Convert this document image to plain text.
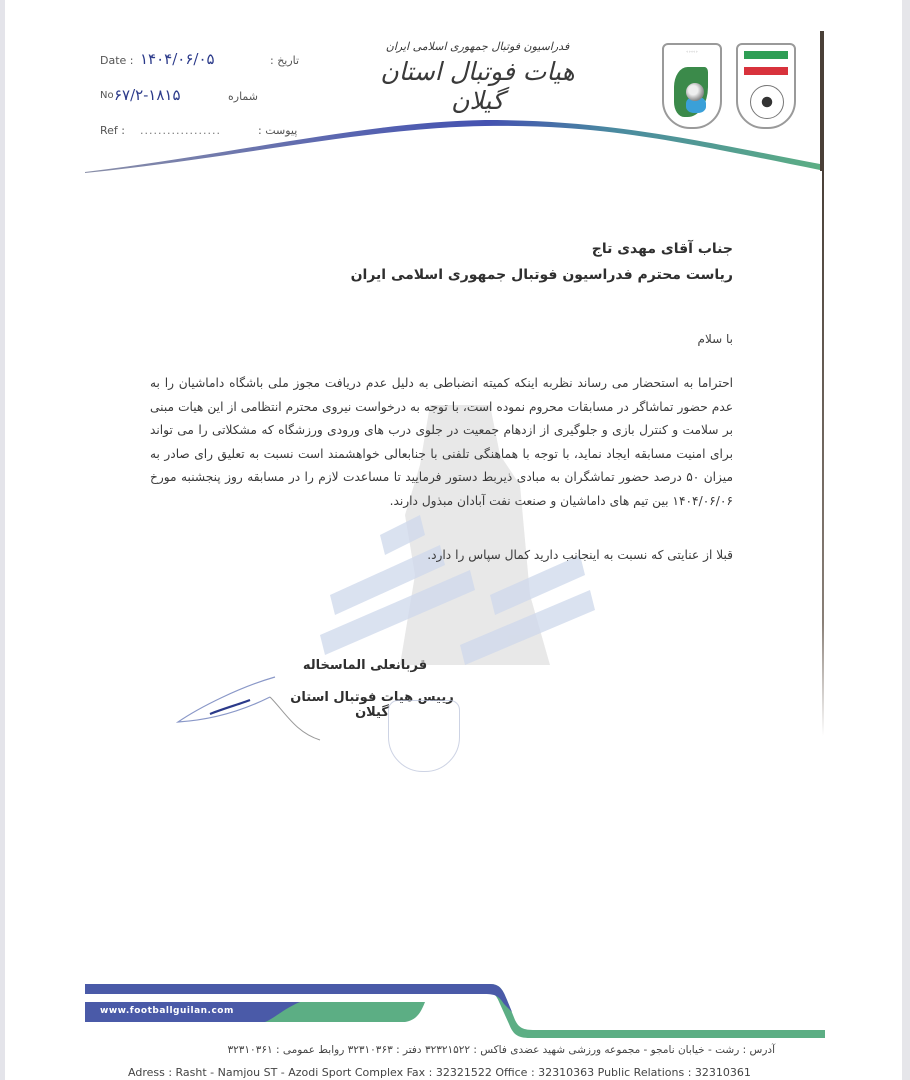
Date : ۱۴۰۴/۰۶/۰۵	تاریخ :
No ۶۷/۲-۱۸۱۵	شماره
Ref : ..................	پیوست :
فدراسیون فوتبال جمهوری اسلامی ایران
هیات فوتبال استان گیلان
◦◦◦◦◦
جناب آقای مهدی تاج
ریاست محترم فدراسیون فوتبال جمهوری اسلامی ایران
با سلام
احتراما به استحضار می رساند نظربه اینکه کمیته انضباطی به دلیل عدم دریافت مجوز ملی باشگاه داماشیان را به عدم حضور تماشاگر در مسابقات محروم نموده است، با توجه به درخواست نیروی محترم انتظامی از این هیات مبنی بر سلامت و کنترل بازی و جلوگیری از ازدهام جمعیت در جلوی درب های ورودی ورزشگاه که مشکلاتی را می تواند برای امنیت مسابقه ایجاد نماید، با توجه با هماهنگی تلفنی با جنابعالی خواهشمند است نسبت به تعلیق رای صادر به میزان ۵۰ درصد حضور تماشگران به مبادی ذیربط دستور فرمایید تا مساعدت لازم را در مسابقه روز پنجشنبه مورخ ۱۴۰۴/۰۶/۰۶ بین تیم های داماشیان و صنعت نفت آبادان مبذول دارند.
قبلا از عنایتی که نسبت به اینجانب دارید کمال سپاس را دارد.
قربانعلی الماسخاله
رییس هیات فوتبال استان گیلان
www.footballguilan.com
آدرس : رشت - خیابان نامجو - مجموعه ورزشی شهید عضدی فاکس : ۳۲۳۲۱۵۲۲ دفتر : ۳۲۳۱۰۳۶۳ روابط عمومی : ۳۲۳۱۰۳۶۱
Adress : Rasht - Namjou ST - Azodi Sport Complex Fax : 32321522 Office : 32310363 Public Relations : 32310361
